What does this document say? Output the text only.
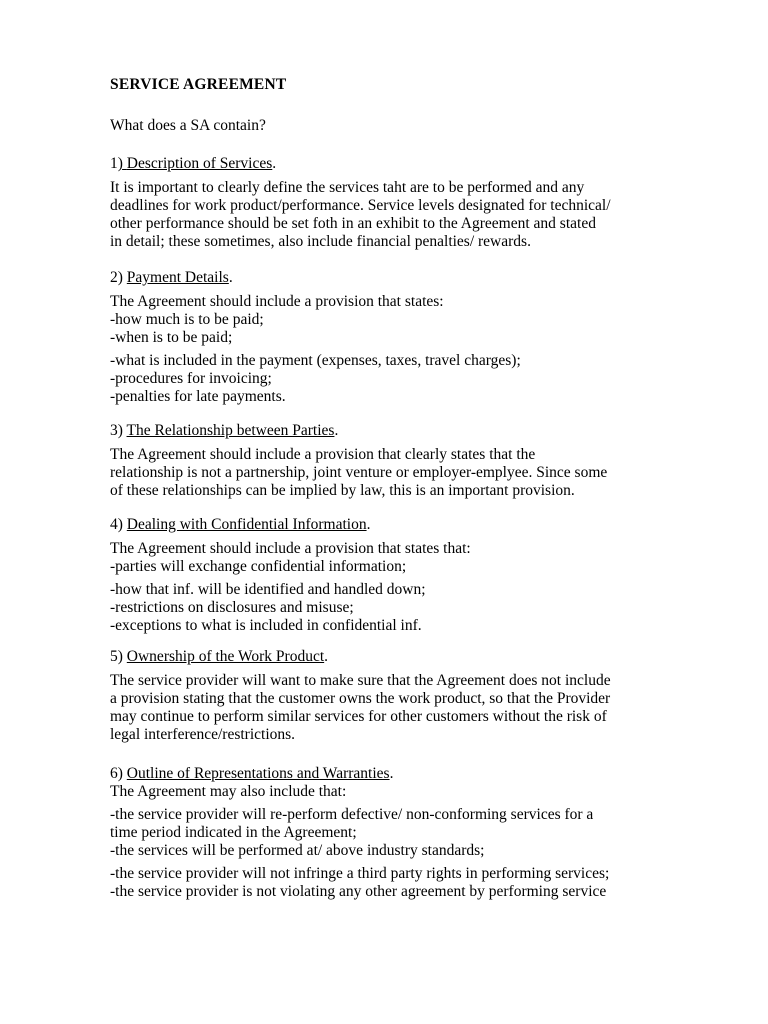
SERVICE AGREEMENT

What does a SA contain?

1) Description of Services.

It is important to clearly define the services taht are to be performed and any
deadlines for work product/performance. Service levels designated for technical/
other performance should be set foth in an exhibit to the Agreement and stated
in detail; these sometimes, also include financial penalties/ rewards.

2) Payment Details.

The Agreement should include a provision that states:
-how much is to be paid;
-when is to be paid;
-what is included in the payment (expenses, taxes, travel charges);
-procedures for invoicing;
-penalties for late payments.

3) The Relationship between Parties.

The Agreement should include a provision that clearly states that the
relationship is not a partnership, joint venture or employer-emplyee. Since some
of these relationships can be implied by law, this is an important provision.

4) Dealing with Confidential Information.

The Agreement should include a provision that states that:
-parties will exchange confidential information;
-how that inf. will be identified and handled down;
-restrictions on disclosures and misuse;
-exceptions to what is included in confidential inf.

5) Ownership of the Work Product.

The service provider will want to make sure that the Agreement does not include
a provision stating that the customer owns the work product, so that the Provider
may continue to perform similar services for other customers without the risk of
legal interference/restrictions.

6) Outline of Representations and Warranties.

The Agreement may also include that:
-the service provider will re-perform defective/ non-conforming services for a
time period indicated in the Agreement;
-the services will be performed at/ above industry standards;
-the service provider will not infringe a third party rights in performing services;
-the service provider is not violating any other agreement by performing service
